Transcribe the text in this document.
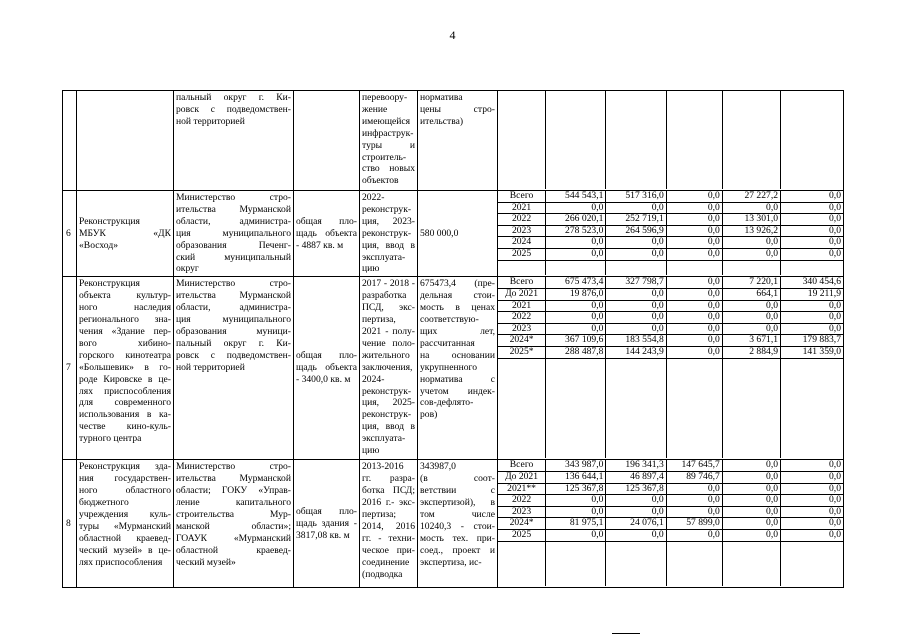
4

пальный округ г. Ки-
ровск с подведомствен-
ной территорией

перевоору-
жение
имеющейся
инфраструк-
туры и
строитель-
ство новых
объектов

норматива
цены стро-
ительства)

6	
Реконструкция
МБУК «ДК
«Восход»

Министерство стро-
ительства Мурманской
области, администра-
ция муниципального
образования Печенг-
ский муниципальный
округ

общая пло-
щадь объекта
- 4887 кв. м

2022-
реконструк-
ция, 2023-
реконструк-
ция, ввод в
эксплуата-
цию

580 000,0

Всего	544 543,1	517 316,0	0,0	27 227,2	0,0
2021	0,0	0,0	0,0	0,0	0,0
2022	266 020,1	252 719,1	0,0	13 301,0	0,0
2023	278 523,0	264 596,9	0,0	13 926,2	0,0
2024	0,0	0,0	0,0	0,0	0,0
2025	0,0	0,0	0,0	0,0	0,0

7	
Реконструкция
объекта культур-
ного наследия
регионального зна-
чения «Здание пер-
вого хибино-
горского кинотеатра
«Большевик» в го-
роде Кировске в це-
лях приспособления
для современного
использования в ка-
честве кино-куль-
турного центра

Министерство стро-
ительства Мурманской
области, администра-
ция муниципального
образования муници-
пальный округ г. Ки-
ровск с подведомствен-
ной территорией

общая пло-
щадь объекта
- 3400,0 кв. м

2017 - 2018 -
разработка
ПСД, экс-
пертиза,
2021 - полу-
чение поло-
жительного
заключения,
2024-
реконструк-
ция, 2025-
реконструк-
ция, ввод в
эксплуата-
цию

675473,4 (пре-
дельная стои-
мость в ценах
соответствую-
щих лет,
рассчитанная
на основании
укрупненного
норматива с
учетом индек-
сов-дефлято-
ров)

Всего	675 473,4	327 798,7	0,0	7 220,1	340 454,6
До 2021	19 876,0	0,0	0,0	664,1	19 211,9
2021	0,0	0,0	0,0	0,0	0,0
2022	0,0	0,0	0,0	0,0	0,0
2023	0,0	0,0	0,0	0,0	0,0
2024*	367 109,6	183 554,8	0,0	3 671,1	179 883,7
2025*	288 487,8	144 243,9	0,0	2 884,9	141 359,0

8	
Реконструкция зда-
ния государствен-
ного областного
бюджетного
учреждения куль-
туры «Мурманский
областной краевед-
ческий музей» в це-
лях приспособления

Министерство стро-
ительства Мурманской
области; ГОКУ «Управ-
ление капитального
строительства Мур-
манской области»;
ГОАУК «Мурманский
областной краевед-
ческий музей»

общая пло-
щадь здания -
3817,08 кв. м

2013-2016
гг. разра-
ботка ПСД;
2016 г.- экс-
пертиза;
2014, 2016
гг. - техни-
ческое при-
соединение
(подводка

343987,0
(в соот-
ветствии с
экспертизой), в
том числе
10240,3 - стои-
мость тех. при-
соед., проект и
экспертиза, ис-

Всего	343 987,0	196 341,3	147 645,7	0,0	0,0
До 2021	136 644,1	46 897,4	89 746,7	0,0	0,0
2021**	125 367,8	125 367,8	0,0	0,0	0,0
2022	0,0	0,0	0,0	0,0	0,0
2023	0,0	0,0	0,0	0,0	0,0
2024*	81 975,1	24 076,1	57 899,0	0,0	0,0
2025	0,0	0,0	0,0	0,0	0,0
